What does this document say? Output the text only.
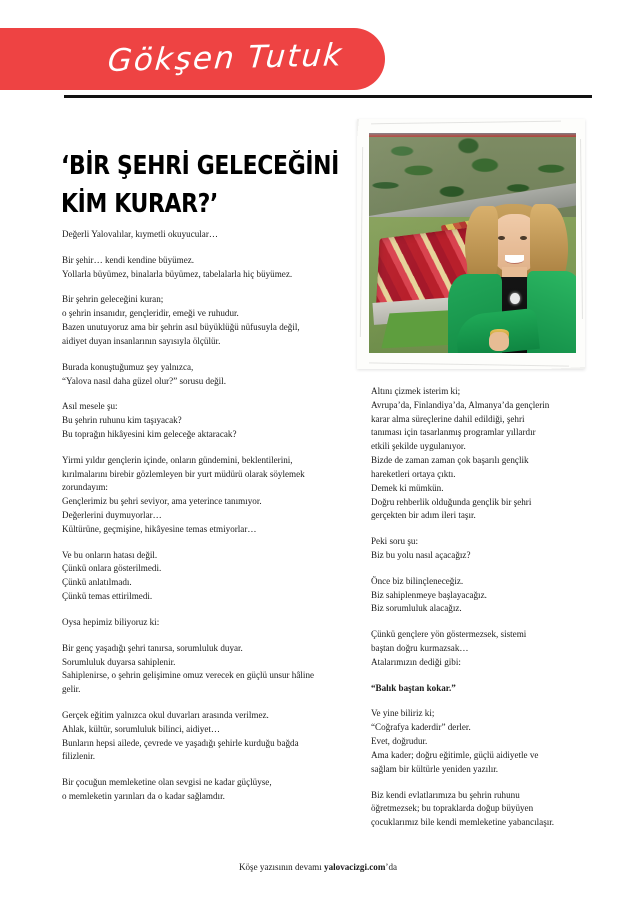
Gökşen Tutuk
‘BİR ŞEHRİ GELECEĞİNİ
KİM KURAR?’

Değerli Yalovalılar, kıymetli okuyucular…

Bir şehir… kendi kendine büyümez.
Yollarla büyümez, binalarla büyümez, tabelalarla hiç büyümez.

Bir şehrin geleceğini kuran;
o şehrin insanıdır, gençleridir, emeği ve ruhudur.
Bazen unutuyoruz ama bir şehrin asıl büyüklüğü nüfusuyla değil,
aidiyet duyan insanlarının sayısıyla ölçülür.

Burada konuştuğumuz şey yalnızca,
“Yalova nasıl daha güzel olur?” sorusu değil.

Asıl mesele şu:
Bu şehrin ruhunu kim taşıyacak?
Bu toprağın hikâyesini kim geleceğe aktaracak?

Yirmi yıldır gençlerin içinde, onların gündemini, beklentilerini,
kırılmalarını birebir gözlemleyen bir yurt müdürü olarak söylemek
zorundayım:
Gençlerimiz bu şehri seviyor, ama yeterince tanımıyor.
Değerlerini duymuyorlar…
Kültürüne, geçmişine, hikâyesine temas etmiyorlar…

Ve bu onların hatası değil.
Çünkü onlara gösterilmedi.
Çünkü anlatılmadı.
Çünkü temas ettirilmedi.

Oysa hepimiz biliyoruz ki:

Bir genç yaşadığı şehri tanırsa, sorumluluk duyar.
Sorumluluk duyarsa sahiplenir.
Sahiplenirse, o şehrin gelişimine omuz verecek en güçlü unsur hâline
gelir.

Gerçek eğitim yalnızca okul duvarları arasında verilmez.
Ahlak, kültür, sorumluluk bilinci, aidiyet…
Bunların hepsi ailede, çevrede ve yaşadığı şehirle kurduğu bağda
filizlenir.

Bir çocuğun memleketine olan sevgisi ne kadar güçlüyse,
o memleketin yarınları da o kadar sağlamdır.

Altını çizmek isterim ki;
Avrupa’da, Finlandiya’da, Almanya’da gençlerin
karar alma süreçlerine dahil edildiği, şehri
tanıması için tasarlanmış programlar yıllardır
etkili şekilde uygulanıyor.
Bizde de zaman zaman çok başarılı gençlik
hareketleri ortaya çıktı.
Demek ki mümkün.
Doğru rehberlik olduğunda gençlik bir şehri
gerçekten bir adım ileri taşır.

Peki soru şu:
Biz bu yolu nasıl açacağız?

Önce biz bilinçleneceğiz.
Biz sahiplenmeye başlayacağız.
Biz sorumluluk alacağız.

Çünkü gençlere yön göstermezsek, sistemi
baştan doğru kurmazsak…
Atalarımızın dediği gibi:

“Balık baştan kokar.”

Ve yine biliriz ki;
“Coğrafya kaderdir” derler.
Evet, doğrudur.
Ama kader; doğru eğitimle, güçlü aidiyetle ve
sağlam bir kültürle yeniden yazılır.

Biz kendi evlatlarımıza bu şehrin ruhunu
öğretmezsek; bu topraklarda doğup büyüyen
çocuklarımız bile kendi memleketine yabancılaşır.

Köşe yazısının devamı yalovacizgi.com’da
